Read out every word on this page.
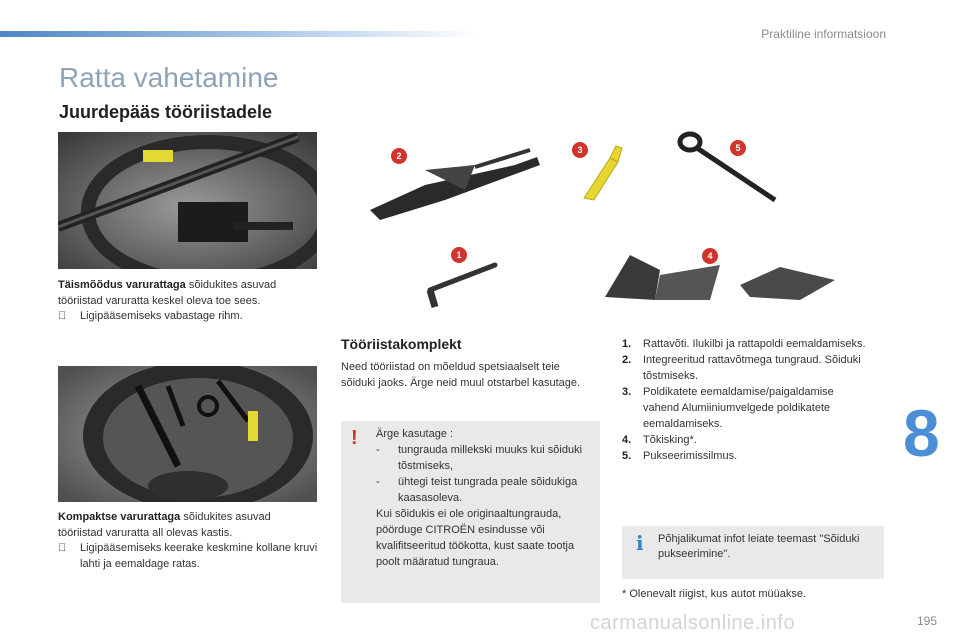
Praktiline informatsioon
Ratta vahetamine
Juurdepääs tööriistadele
Täismõõdus varurattaga sõidukites asuvad tööriistad varuratta keskel oleva toe sees.
Ligipääsemiseks vabastage rihm.
Kompaktse varurattaga sõidukites asuvad tööriistad varuratta all olevas kastis.
Ligipääsemiseks keerake keskmine kollane kruvi lahti ja eemaldage ratas.
2
3	5
1	4
Tööriistakomplekt
Need tööriistad on mõeldud spetsiaalselt teie sõiduki jaoks. Ärge neid muul otstarbel kasutage.
! Ärge kasutage :
-	tungrauda millekski muuks kui sõiduki tõstmiseks,
-	ühtegi teist tungrada peale sõidukiga kaasasoleva.
Kui sõidukis ei ole originaaltungrauda, pöörduge CITROËN esindusse või kvalifitseeritud töökotta, kust saate tootja poolt määratud tungraua.
1.	Rattavõti. Ilukilbi ja rattapoldi eemaldamiseks.
2.	Integreeritud rattavõtmega tungraud. Sõiduki tõstmiseks.
3.	Poldikatete eemaldamise/paigaldamise vahend Alumiiniumvelgede poldikatete eemaldamiseks.
4.	Tõkisking*.
5.	Pukseerimissilmus.
i Põhjalikumat infot leiate teemast "Sõiduki pukseerimine".
* Olenevalt riigist, kus autot müüakse.
8
carmanualsonline.info	195
